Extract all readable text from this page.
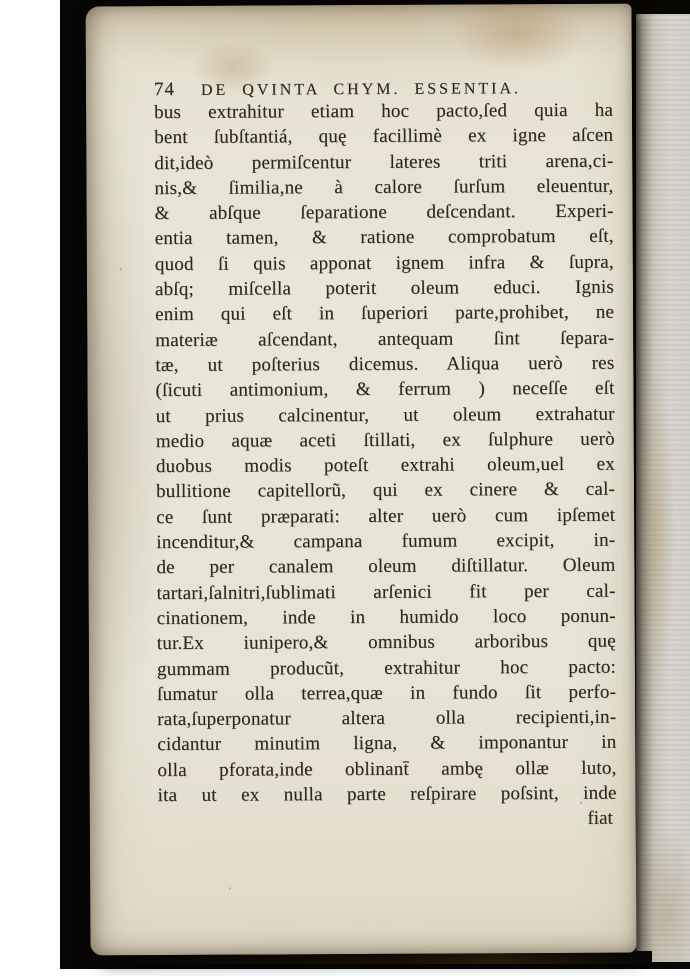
74 DE QVINTA CHYM. ESSENTIA.
bus extrahitur etiam hoc pacto,ſed quia ha
bent ſubſtantiá, quę facillimè ex igne aſcen
dit,ideò permiſcentur lateres triti arena,ci-
nis,& ſimilia,ne à calore ſurſum eleuentur,
& abſque ſeparatione deſcendant. Experi-
entia tamen, & ratione comprobatum eſt,
quod ſi quis apponat ignem infra & ſupra,
abſq; miſcella poterit oleum educi. Ignis
enim qui eſt in ſuperiori parte,prohibet, ne
materiæ aſcendant, antequam ſint ſepara-
tæ, ut poſterius dicemus. Aliqua uerò res
(ſicuti antimonium, & ferrum ) neceſſe eſt
ut prius calcinentur, ut oleum extrahatur
medio aquæ aceti ſtillati, ex ſulphure uerò
duobus modis poteſt extrahi oleum,uel ex
bullitione capitellorũ, qui ex cinere & cal-
ce ſunt præparati: alter uerò cum ipſemet
incenditur,& campana fumum excipit, in-
de per canalem oleum diſtillatur. Oleum
tartari,ſalnitri,ſublimati arſenici fit per cal-
cinationem, inde in humido loco ponun-
tur.Ex iunipero,& omnibus arboribus quę
gummam producũt, extrahitur hoc pacto:
ſumatur olla terrea,quæ in fundo ſit perfo-
rata,ſuperponatur altera olla recipienti,in-
cidantur minutim ligna, & imponantur in
olla pforata,inde oblinant̄ ambę ollæ luto,
ita ut ex nulla parte reſpirare poſsint, inde
fiat
